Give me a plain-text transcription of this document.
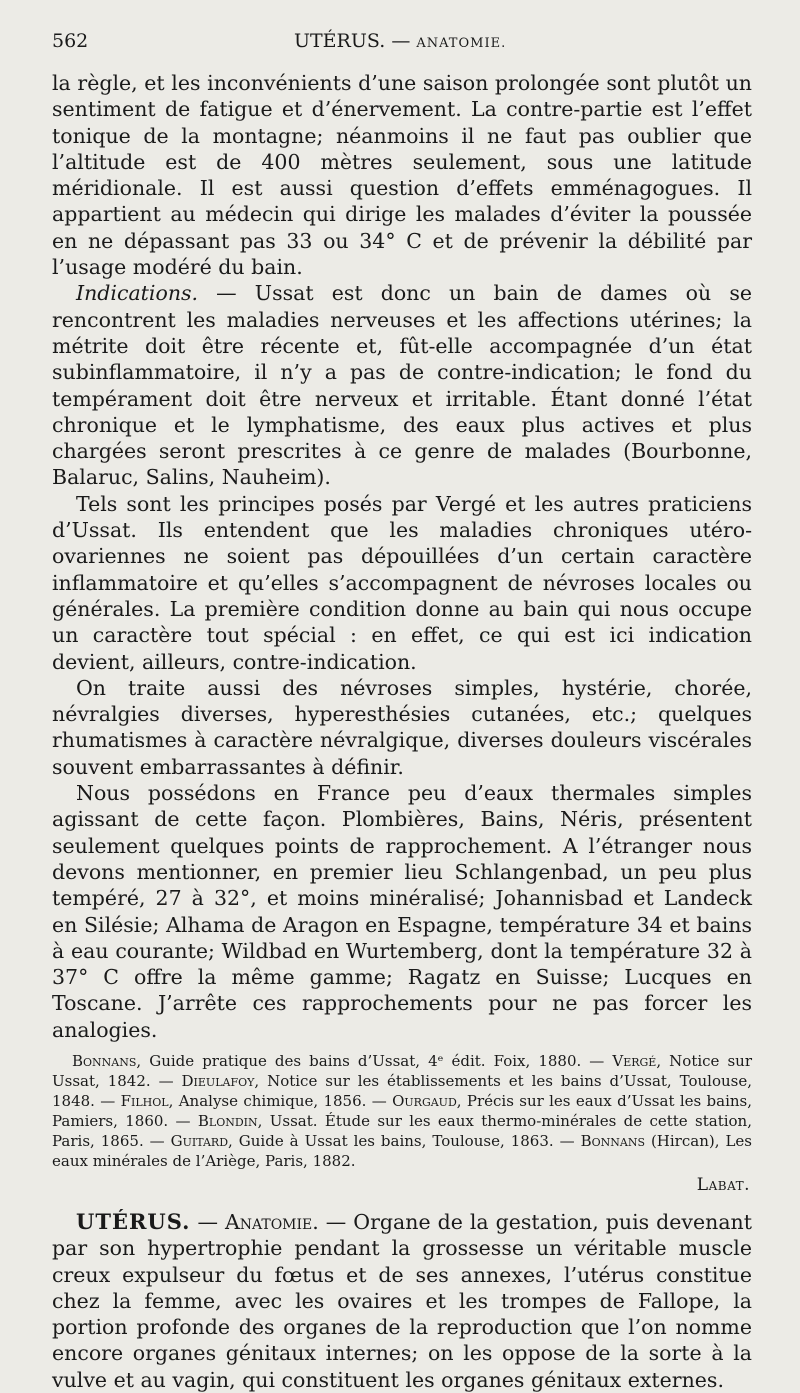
562	UTÉRUS. — ANATOMIE.

la règle, et les inconvénients d’une saison prolongée sont plutôt un sentiment de fatigue et d’énervement. La contre-partie est l’effet tonique de la montagne; néanmoins il ne faut pas oublier que l’altitude est de 400 mètres seulement, sous une latitude méridionale. Il est aussi question d’effets emménagogues. Il appartient au médecin qui dirige les malades d’éviter la poussée en ne dépassant pas 33 ou 34° C et de prévenir la débilité par l’usage modéré du bain.

Indications. — Ussat est donc un bain de dames où se rencontrent les maladies nerveuses et les affections utérines; la métrite doit être récente et, fût-elle accompagnée d’un état subinflammatoire, il n’y a pas de contre-indication; le fond du tempérament doit être nerveux et irritable. Étant donné l’état chronique et le lymphatisme, des eaux plus actives et plus chargées seront prescrites à ce genre de malades (Bourbonne, Balaruc, Salins, Nauheim).

Tels sont les principes posés par Vergé et les autres praticiens d’Ussat. Ils entendent que les maladies chroniques utéro-ovariennes ne soient pas dépouillées d’un certain caractère inflammatoire et qu’elles s’accompagnent de névroses locales ou générales. La première condition donne au bain qui nous occupe un caractère tout spécial : en effet, ce qui est ici indication devient, ailleurs, contre-indication.

On traite aussi des névroses simples, hystérie, chorée, névralgies diverses, hyperesthésies cutanées, etc.; quelques rhumatismes à caractère névralgique, diverses douleurs viscérales souvent embarrassantes à définir.

Nous possédons en France peu d’eaux thermales simples agissant de cette façon. Plombières, Bains, Néris, présentent seulement quelques points de rapprochement. A l’étranger nous devons mentionner, en premier lieu Schlangenbad, un peu plus tempéré, 27 à 32°, et moins minéralisé; Johannisbad et Landeck en Silésie; Alhama de Aragon en Espagne, température 34 et bains à eau courante; Wildbad en Wurtemberg, dont la température 32 à 37° C offre la même gamme; Ragatz en Suisse; Lucques en Toscane. J’arrête ces rapprochements pour ne pas forcer les analogies.

Bonnans, Guide pratique des bains d’Ussat, 4ᵉ édit. Foix, 1880. — Vergé, Notice sur Ussat, 1842. — Dieulafoy, Notice sur les établissements et les bains d’Ussat, Toulouse, 1848. — Filhol, Analyse chimique, 1856. — Ourgaud, Précis sur les eaux d’Ussat les bains, Pamiers, 1860. — Blondin, Ussat. Étude sur les eaux thermo-minérales de cette station, Paris, 1865. — Guitard, Guide à Ussat les bains, Toulouse, 1863. — Bonnans (Hircan), Les eaux minérales de l’Ariège, Paris, 1882.

Labat.

UTÉRUS. — Anatomie. — Organe de la gestation, puis devenant par son hypertrophie pendant la grossesse un véritable muscle creux expulseur du fœtus et de ses annexes, l’utérus constitue chez la femme, avec les ovaires et les trompes de Fallope, la portion profonde des organes de la reproduction que l’on nomme encore organes génitaux internes; on les oppose de la sorte à la vulve et au vagin, qui constituent les organes génitaux externes.
